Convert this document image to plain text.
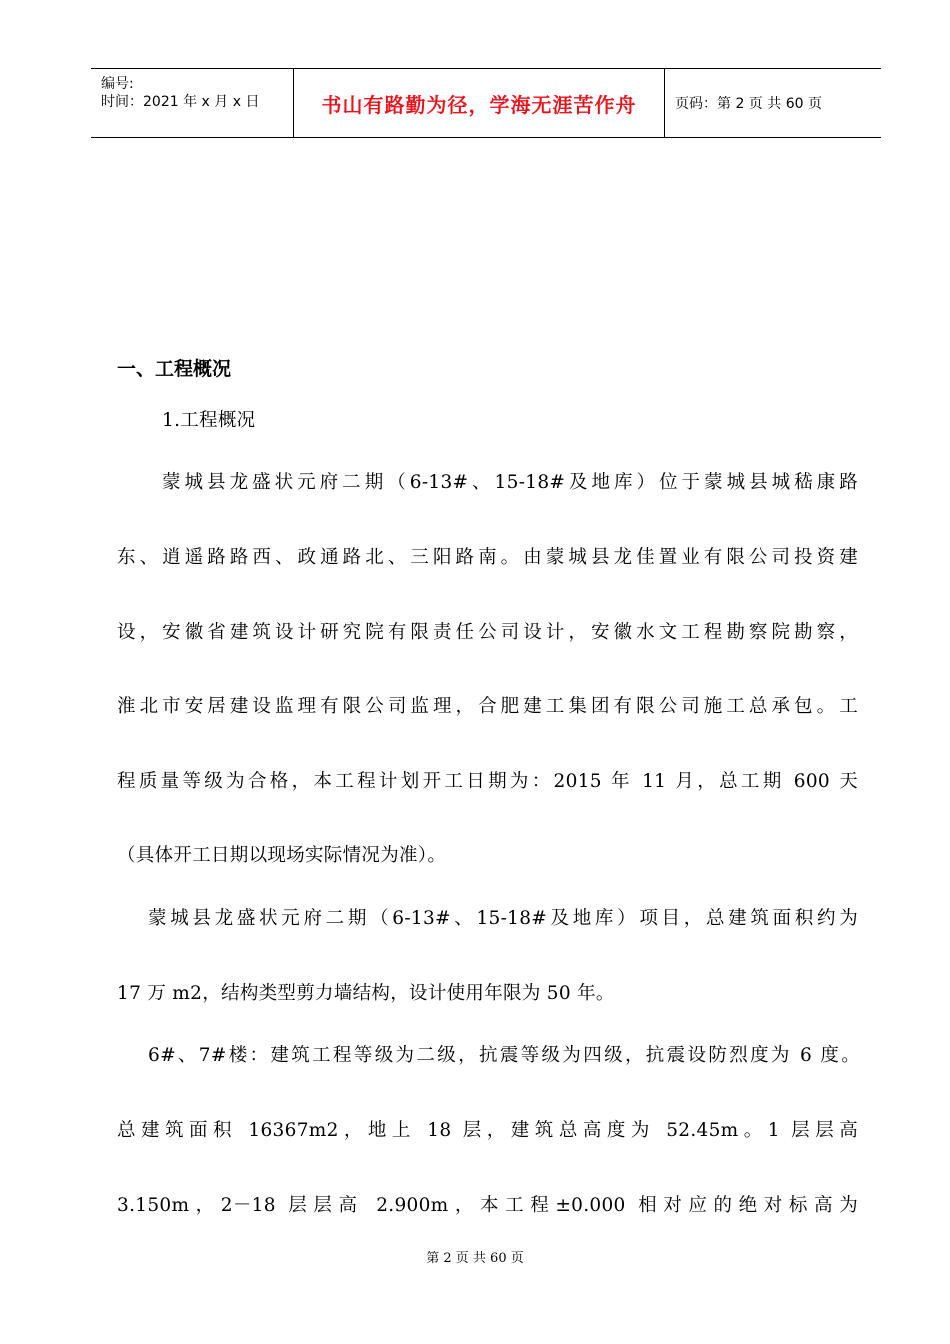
编号:
时间：2021 年 x 月 x 日	书山有路勤为径，学海无涯苦作舟	页码：第 2 页 共 60 页
一、工程概况
1.工程概况
蒙城县龙盛状元府二期（6-13#、15-18#及地库）位于蒙城县城嵇康路
东、逍遥路路西、政通路北、三阳路南。由蒙城县龙佳置业有限公司投资建
设，安徽省建筑设计研究院有限责任公司设计，安徽水文工程勘察院勘察，
淮北市安居建设监理有限公司监理，合肥建工集团有限公司施工总承包。工
程质量等级为合格，本工程计划开工日期为：2015 年 11 月，总工期 600 天
（具体开工日期以现场实际情况为准）。
蒙城县龙盛状元府二期（6-13#、15-18#及地库）项目，总建筑面积约为
17 万 m2，结构类型剪力墙结构，设计使用年限为 50 年。
6#、7#楼：建筑工程等级为二级，抗震等级为四级，抗震设防烈度为 6 度。
总建筑面积 16367m2，地上 18 层，建筑总高度为 52.45m。1 层层高
3.150m，2－18 层层高 2.900m，本工程±0.000 相对应的绝对标高为
第 2 页 共 60 页
